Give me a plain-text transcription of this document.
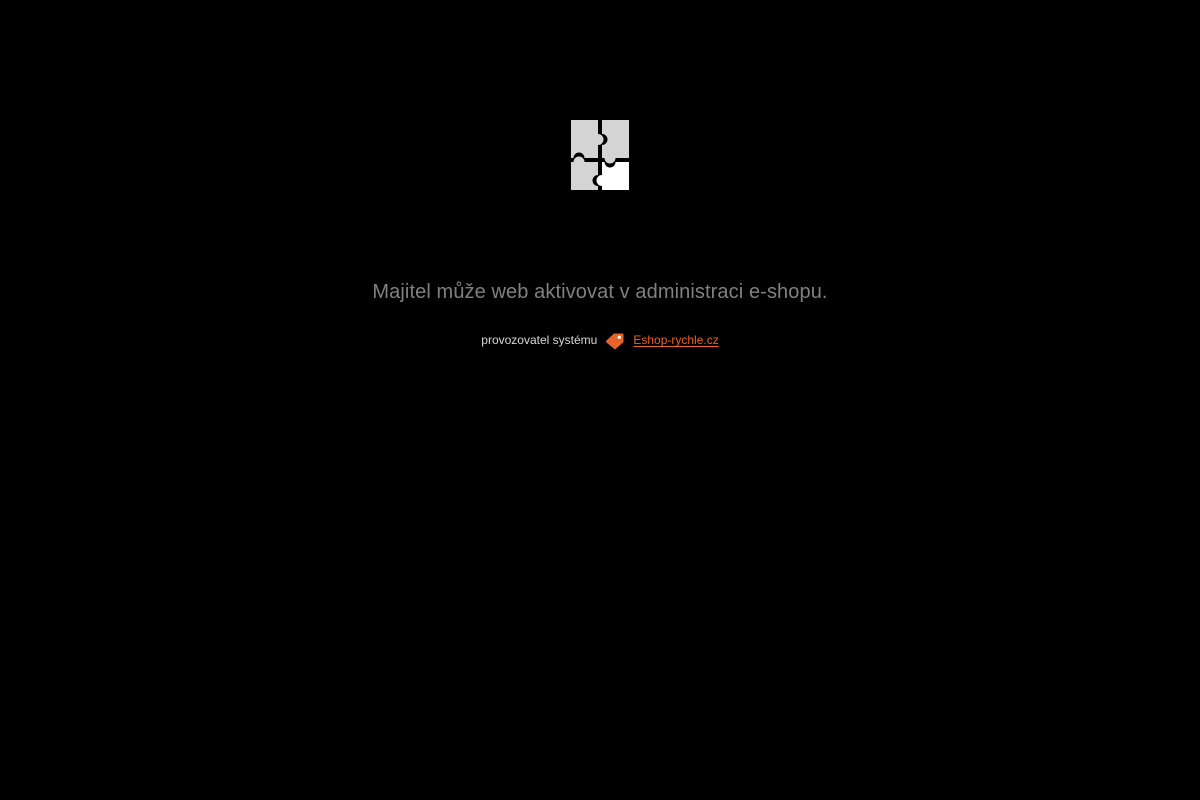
Majitel může web aktivovat v administraci e-shopu.
provozovatel systému	Eshop-rychle.cz
